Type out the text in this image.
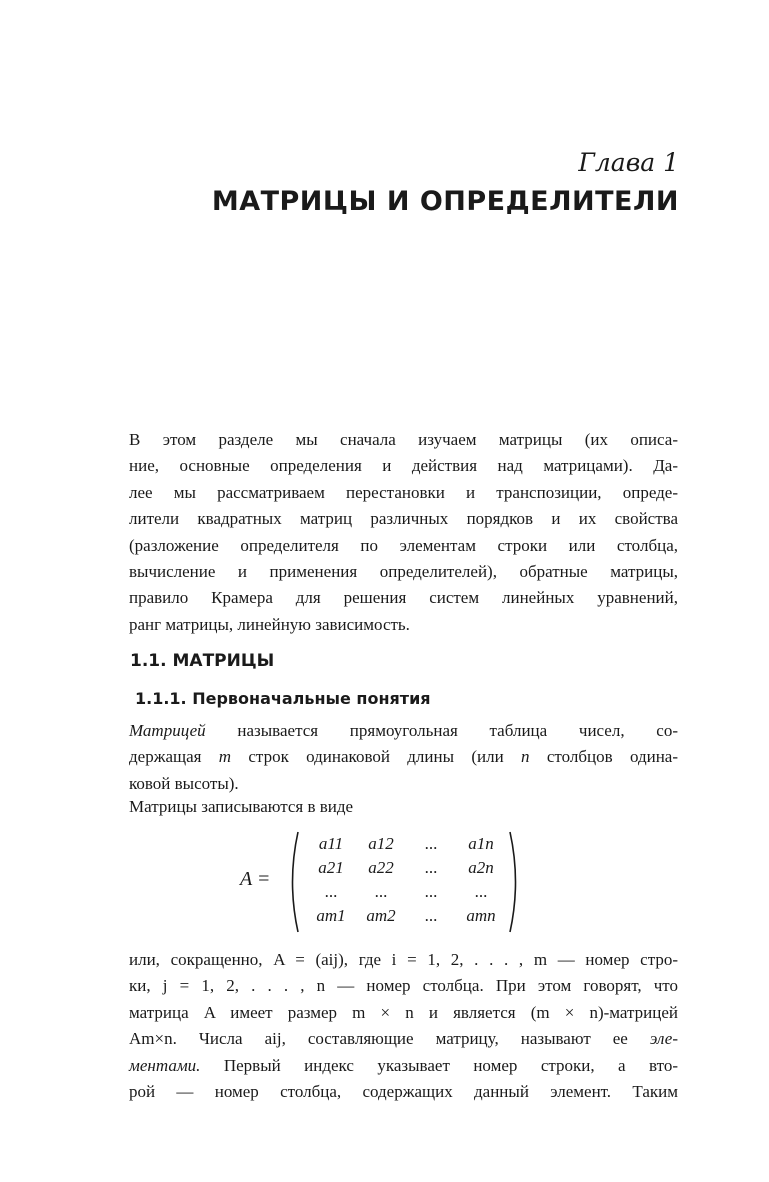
Глава 1
МАТРИЦЫ И ОПРЕДЕЛИТЕЛИ
В этом разделе мы сначала изучаем матрицы (их описа-
ние, основные определения и действия над матрицами). Да-
лее мы рассматриваем перестановки и транспозиции, опреде-
лители квадратных матриц различных порядков и их свойства
(разложение определителя по элементам строки или столбца,
вычисление и применения определителей), обратные матрицы,
правило Крамера для решения систем линейных уравнений,
ранг матрицы, линейную зависимость.
1.1. МАТРИЦЫ
1.1.1. Первоначальные понятия
Матрицей называется прямоугольная таблица чисел, со-
держащая m строк одинаковой длины (или n столбцов одина-
ковой высоты).
Матрицы записываются в виде
A =
a11	a12	...	a1n
a21	a22	...	a2n
...	...	...	...
am1	am2	...	amn
или, сокращенно, A = (aij), где i = 1, 2, . . . , m — номер стро-
ки, j = 1, 2, . . . , n — номер столбца. При этом говорят, что
матрица A имеет размер m × n и является (m × n)-матрицей
Am×n. Числа aij, составляющие матрицу, называют ее эле-
ментами. Первый индекс указывает номер строки, а вто-
рой — номер столбца, содержащих данный элемент. Таким
